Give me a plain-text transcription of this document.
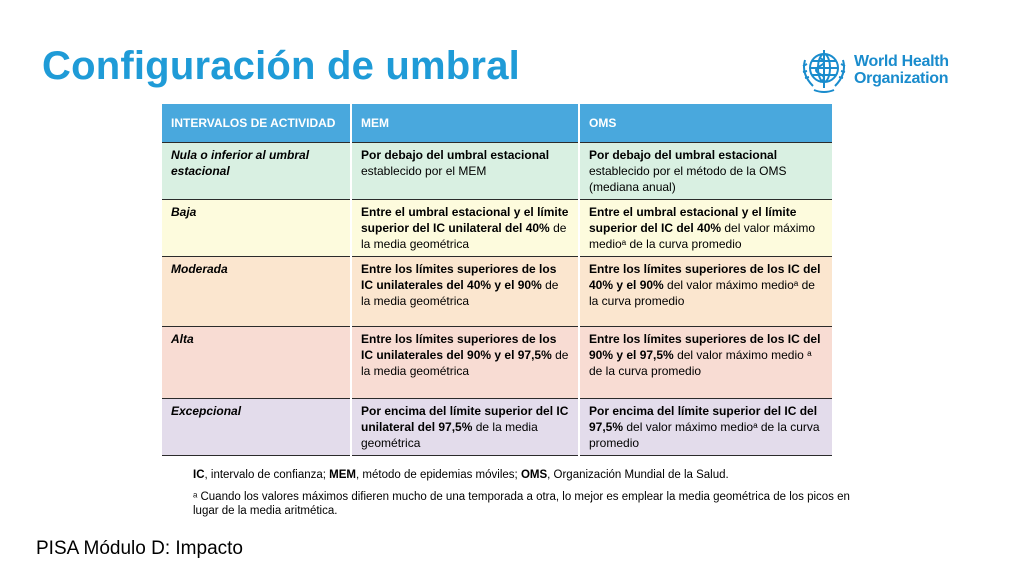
Configuración de umbral	World Health
Organization
INTERVALOS DE ACTIVIDAD	MEM	OMS
Nula o inferior al umbral estacional	Por debajo del umbral estacional establecido por el MEM	Por debajo del umbral estacional establecido por el método de la OMS (mediana anual)
Baja	Entre el umbral estacional y el límite superior del IC unilateral del 40% de la media geométrica	Entre el umbral estacional y el límite superior del IC del 40% del valor máximo medioᵃ de la curva promedio
Moderada	Entre los límites superiores de los IC unilaterales del 40% y el 90% de la media geométrica	Entre los límites superiores de los IC del 40% y el 90% del valor máximo medioᵃ de la curva promedio
Alta	Entre los límites superiores de los IC unilaterales del 90% y el 97,5% de la media geométrica	Entre los límites superiores de los IC del 90% y el 97,5% del valor máximo medio ᵃ de la curva promedio
Excepcional	Por encima del límite superior del IC unilateral del 97,5% de la media geométrica	Por encima del límite superior del IC del 97,5% del valor máximo medioᵃ de la curva promedio

IC, intervalo de confianza; MEM, método de epidemias móviles; OMS, Organización Mundial de la Salud.

ᵃ Cuando los valores máximos difieren mucho de una temporada a otra, lo mejor es emplear la media geométrica de los picos en lugar de la media aritmética.

PISA Módulo D: Impacto
